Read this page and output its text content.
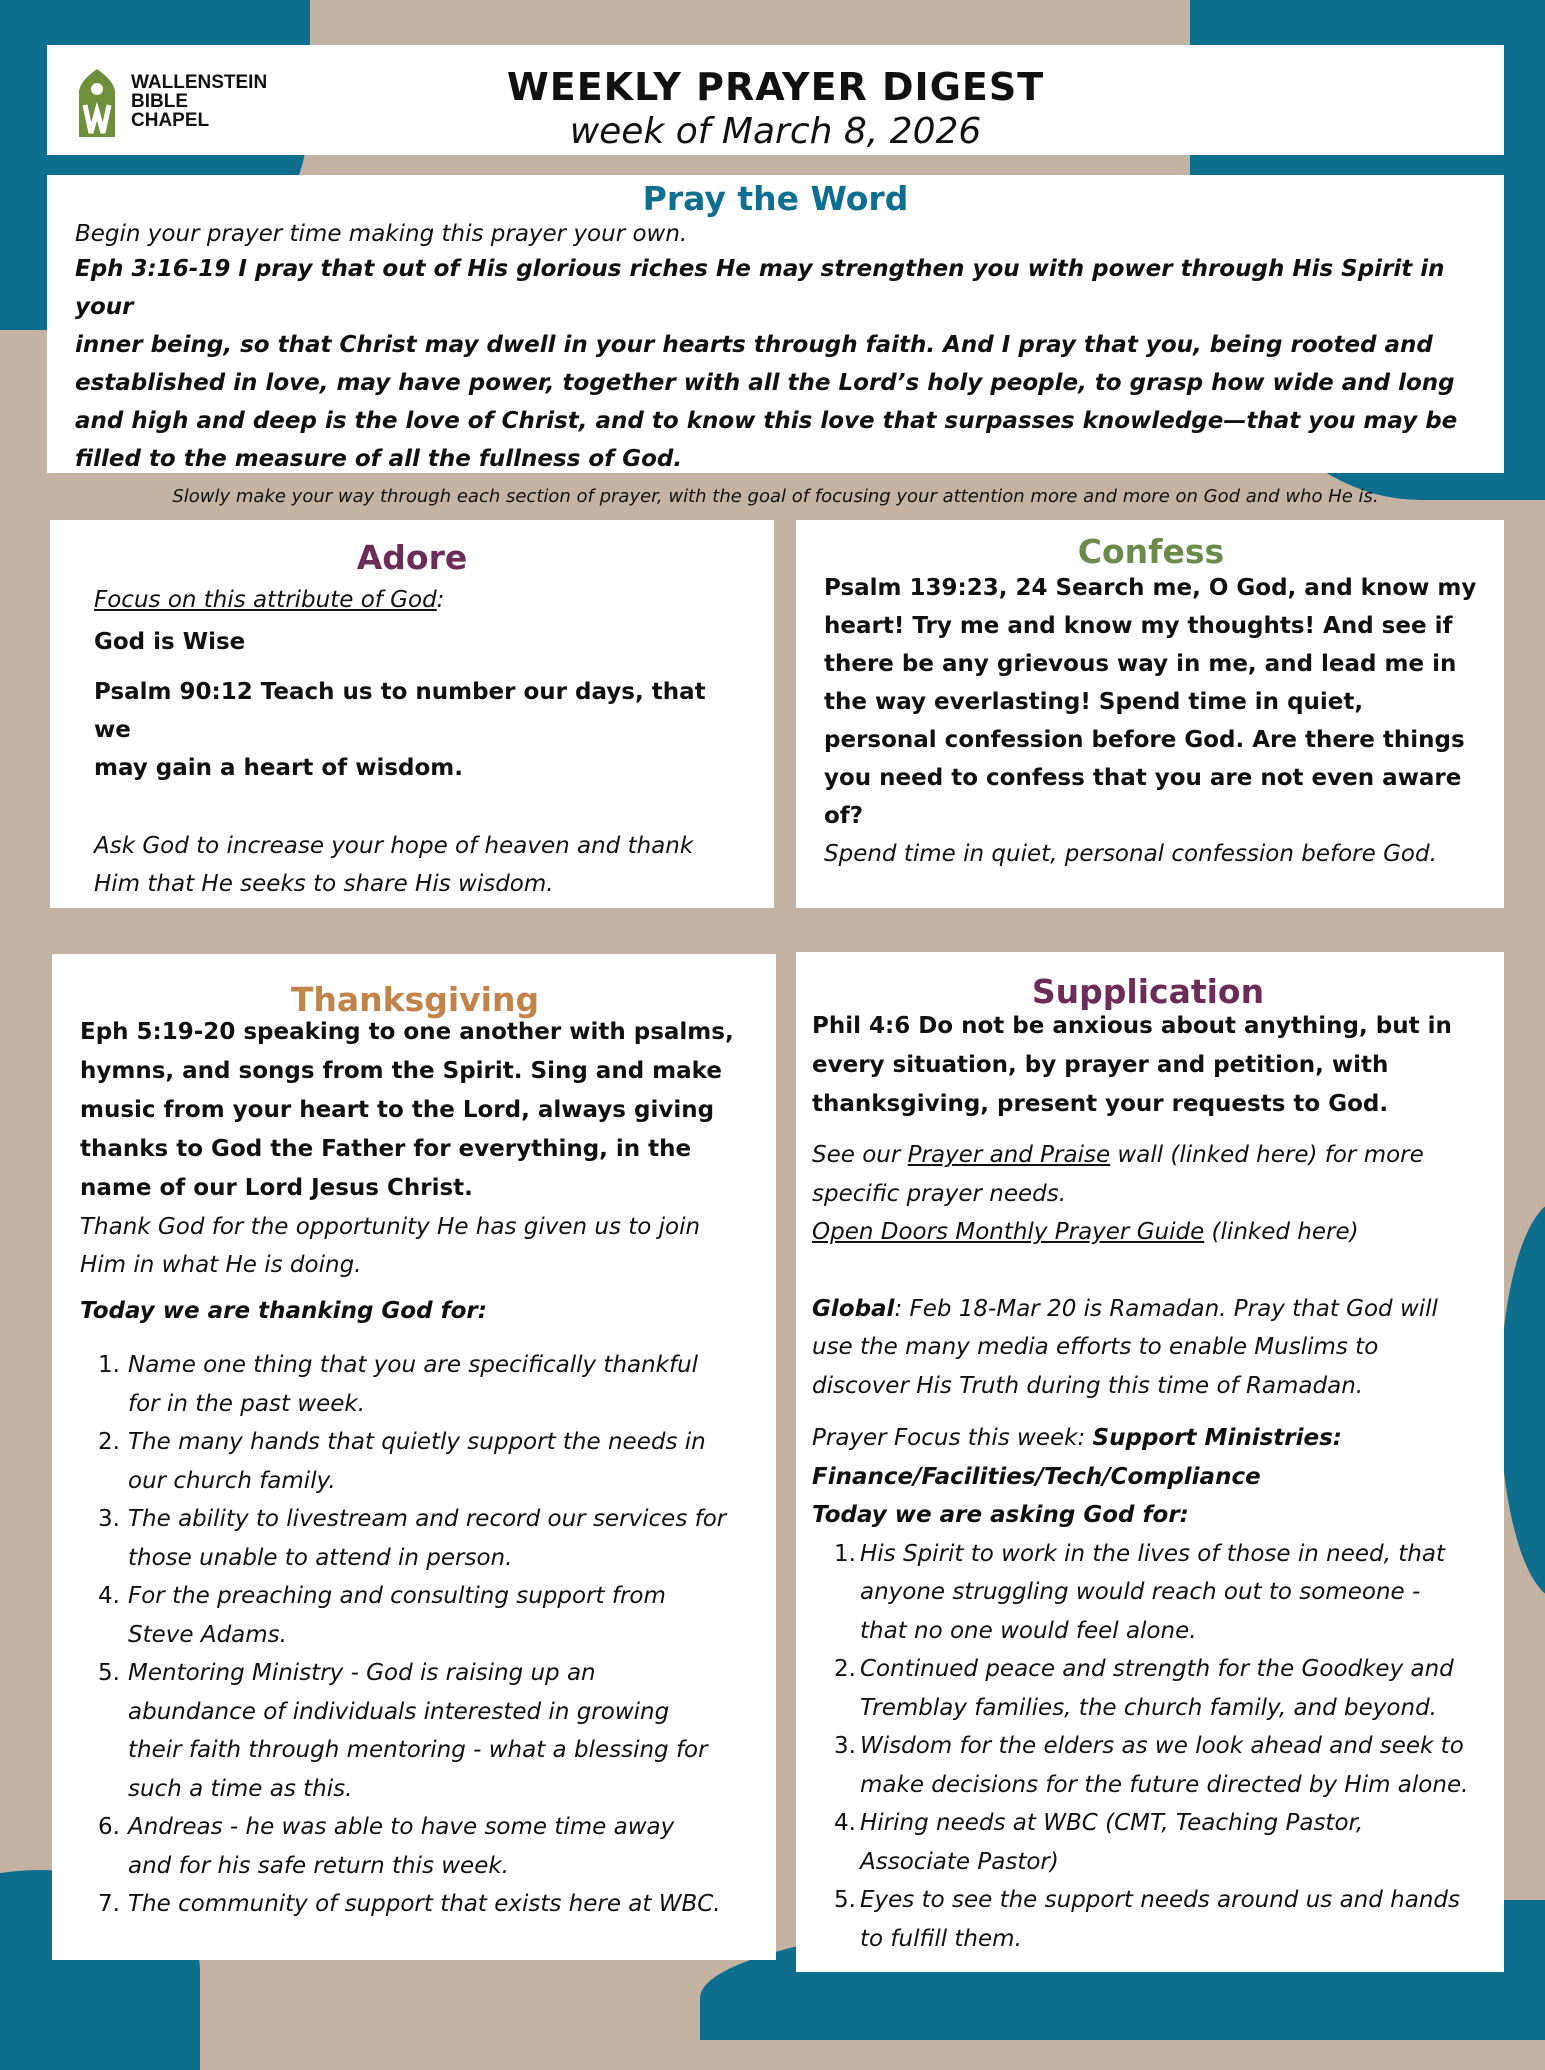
WALLENSTEIN
BIBLE
CHAPEL
WEEKLY PRAYER DIGEST
week of March 8, 2026
Pray the Word

Begin your prayer time making this prayer your own.

Eph 3:16-19 I pray that out of His glorious riches He may strengthen you with power through His Spirit in your
inner being, so that Christ may dwell in your hearts through faith. And I pray that you, being rooted and
established in love, may have power, together with all the Lord’s holy people, to grasp how wide and long
and high and deep is the love of Christ, and to know this love that surpasses knowledge—that you may be
filled to the measure of all the fullness of God.
Slowly make your way through each section of prayer, with the goal of focusing your attention more and more on God and who He is.
Adore
Focus on this attribute of God:

God is Wise

Psalm 90:12 Teach us to number our days, that we
may gain a heart of wisdom.
Ask God to increase your hope of heaven and thank
Him that He seeks to share His wisdom.
Confess
Psalm 139:23, 24 Search me, O God, and know my
heart! Try me and know my thoughts! And see if
there be any grievous way in me, and lead me in
the way everlasting! Spend time in quiet,
personal confession before God. Are there things
you need to confess that you are not even aware
of?

Spend time in quiet, personal confession before God.

Thanksgiving
Eph 5:19-20 speaking to one another with psalms,
hymns, and songs from the Spirit. Sing and make
music from your heart to the Lord, always giving
thanks to God the Father for everything, in the
name of our Lord Jesus Christ.
Thank God for the opportunity He has given us to join
Him in what He is doing.

Today we are thanking God for:

1. Name one thing that you are specifically thankful
for in the past week.
2. The many hands that quietly support the needs in
our church family.
3. The ability to livestream and record our services for
those unable to attend in person.
4. For the preaching and consulting support from
Steve Adams.
5. Mentoring Ministry - God is raising up an
abundance of individuals interested in growing
their faith through mentoring - what a blessing for
such a time as this.
6. Andreas - he was able to have some time away
and for his safe return this week.
7. The community of support that exists here at WBC.
Supplication
Phil 4:6 Do not be anxious about anything, but in
every situation, by prayer and petition, with
thanksgiving, present your requests to God.
See our Prayer and Praise wall (linked here) for more
specific prayer needs.
Open Doors Monthly Prayer Guide (linked here)
Global: Feb 18-Mar 20 is Ramadan. Pray that God will
use the many media efforts to enable Muslims to
discover His Truth during this time of Ramadan.
Prayer Focus this week: Support Ministries:
Finance/Facilities/Tech/Compliance
Today we are asking God for:
1. His Spirit to work in the lives of those in need, that
anyone struggling would reach out to someone -
that no one would feel alone.
2. Continued peace and strength for the Goodkey and
Tremblay families, the church family, and beyond.
3. Wisdom for the elders as we look ahead and seek to
make decisions for the future directed by Him alone.
4. Hiring needs at WBC (CMT, Teaching Pastor,
Associate Pastor)
5. Eyes to see the support needs around us and hands
to fulfill them.
